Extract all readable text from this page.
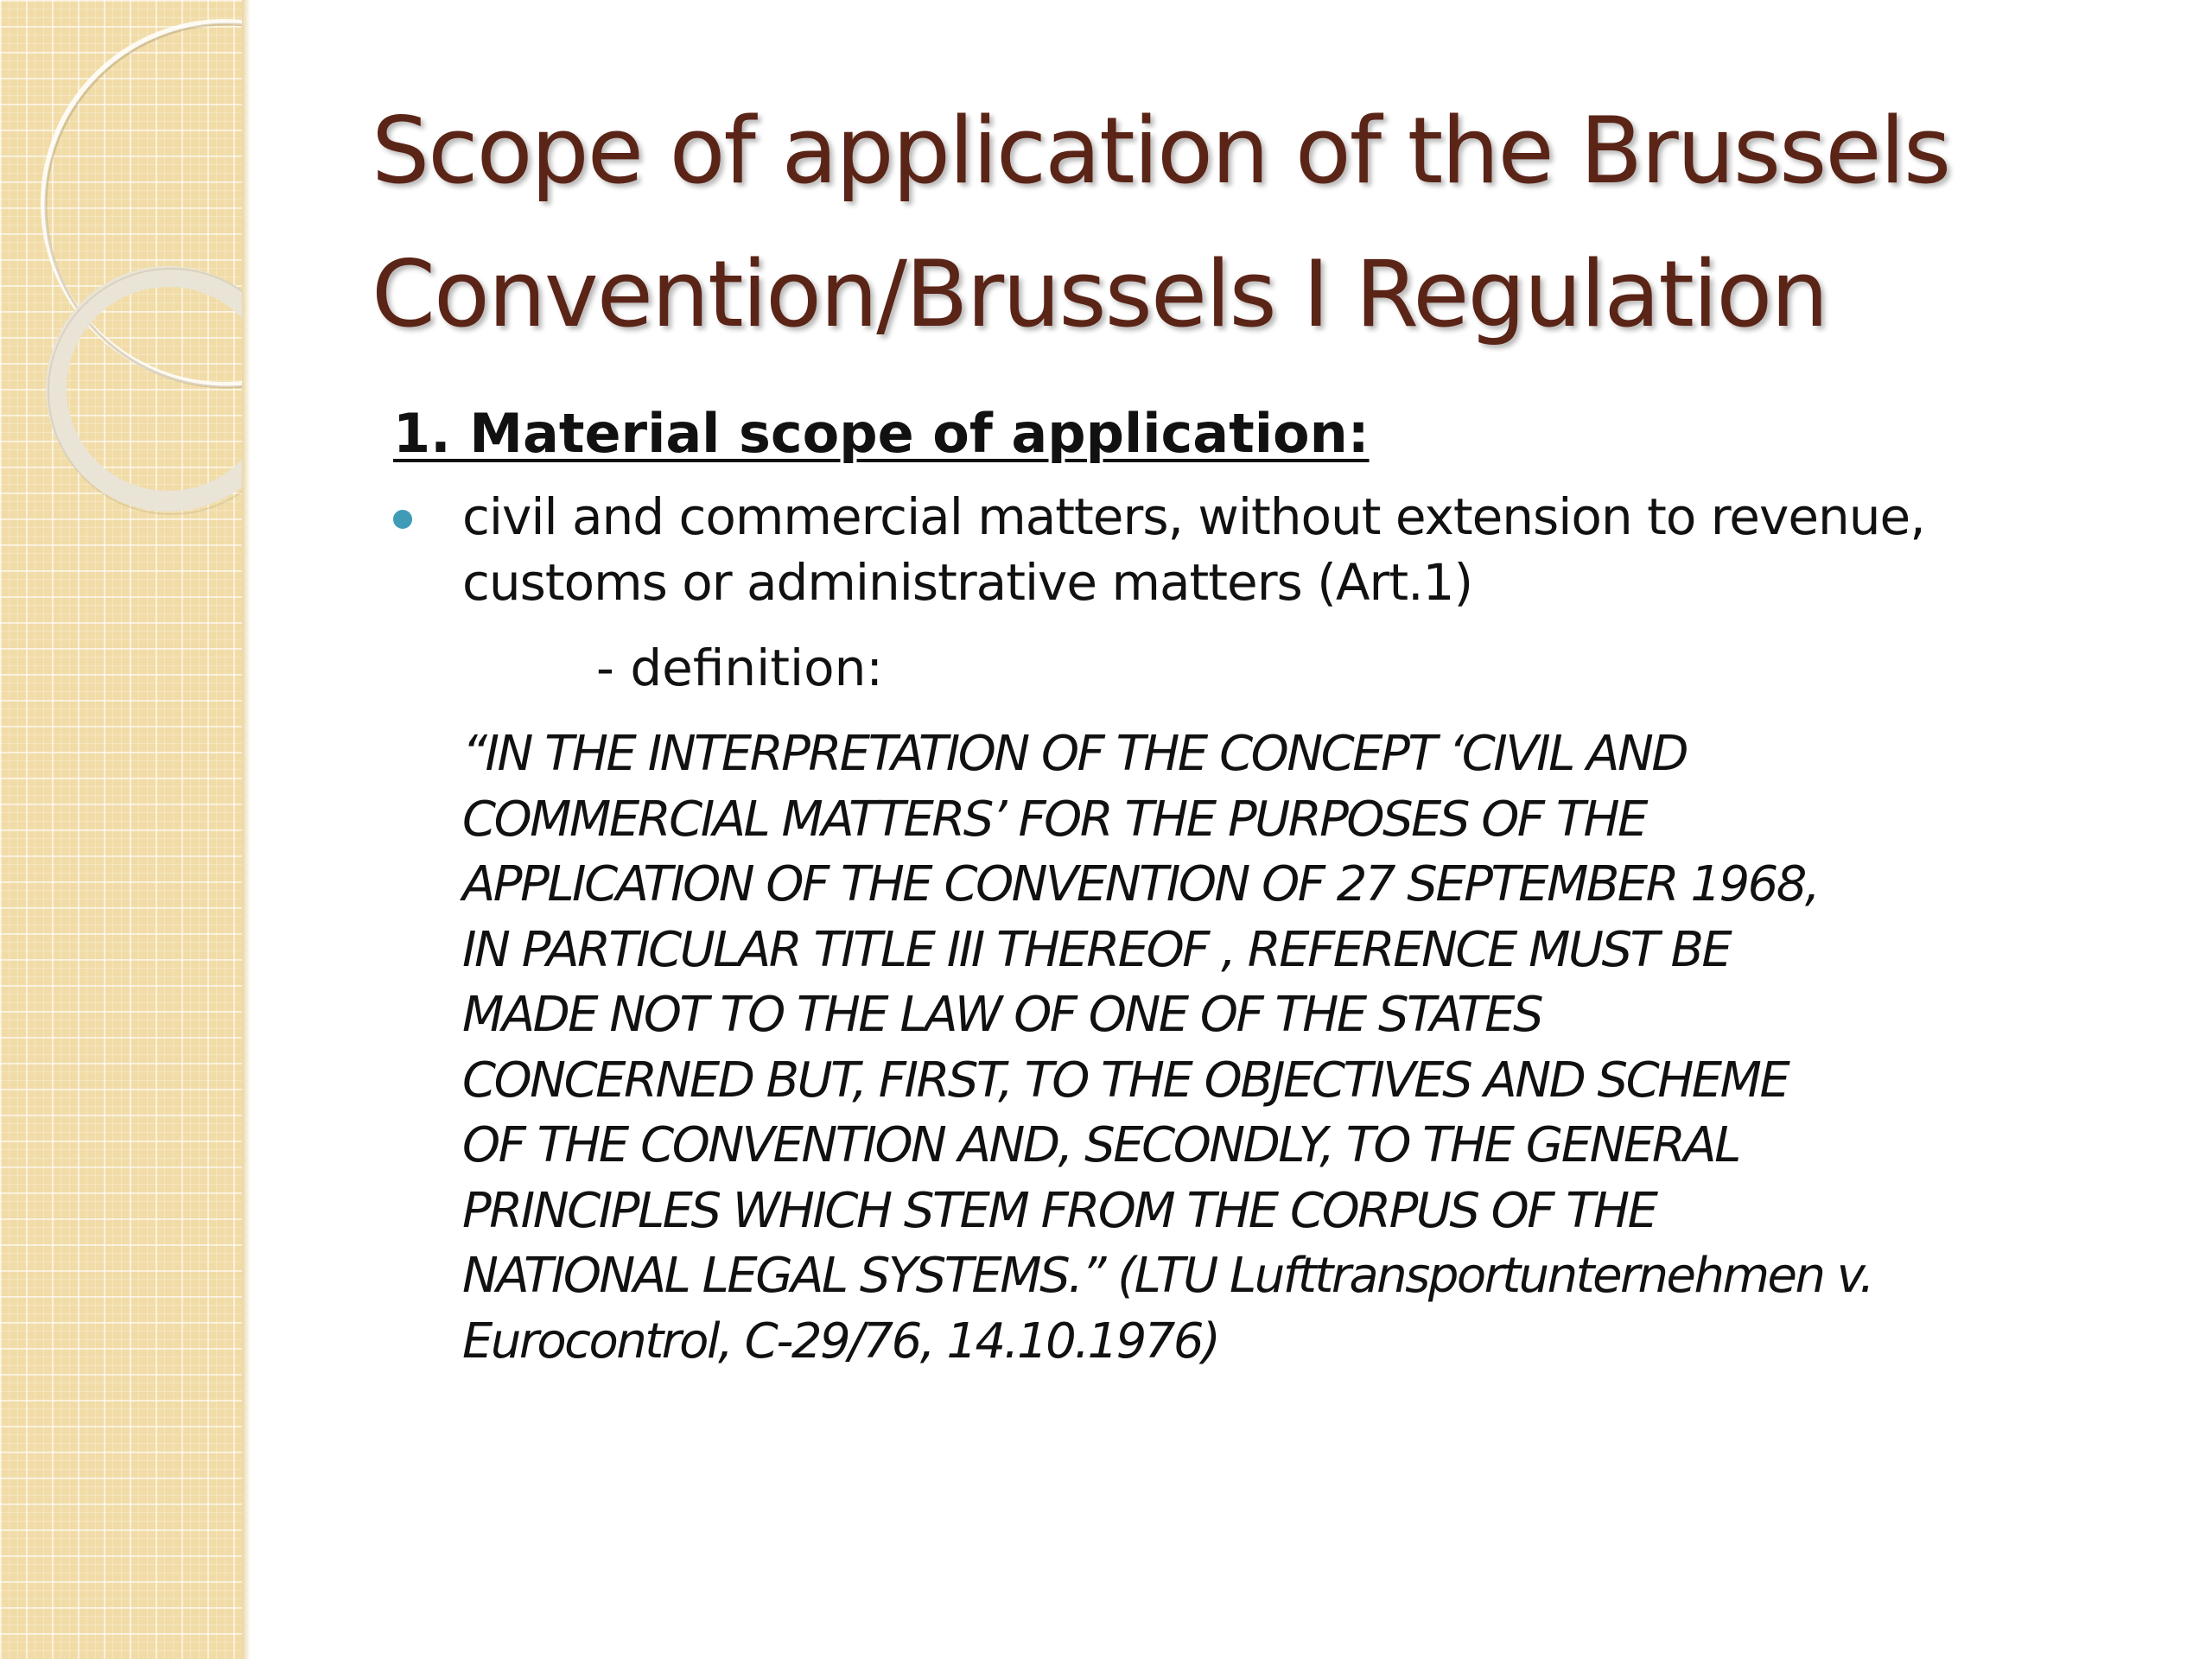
Scope of application of the Brussels
Convention/Brussels I Regulation
1. Material scope of application:

civil and commercial matters, without extension to revenue,
customs or administrative matters (Art.1)

- definition:

“IN THE INTERPRETATION OF THE CONCEPT ‘CIVIL AND
COMMERCIAL MATTERS’ FOR THE PURPOSES OF THE
APPLICATION OF THE CONVENTION OF 27 SEPTEMBER 1968,
IN PARTICULAR TITLE III THEREOF , REFERENCE MUST BE
MADE NOT TO THE LAW OF ONE OF THE STATES
CONCERNED BUT, FIRST, TO THE OBJECTIVES AND SCHEME
OF THE CONVENTION AND, SECONDLY, TO THE GENERAL
PRINCIPLES WHICH STEM FROM THE CORPUS OF THE
NATIONAL LEGAL SYSTEMS.” (LTU Lufttransportunternehmen v.
Eurocontrol, C-29/76, 14.10.1976)
